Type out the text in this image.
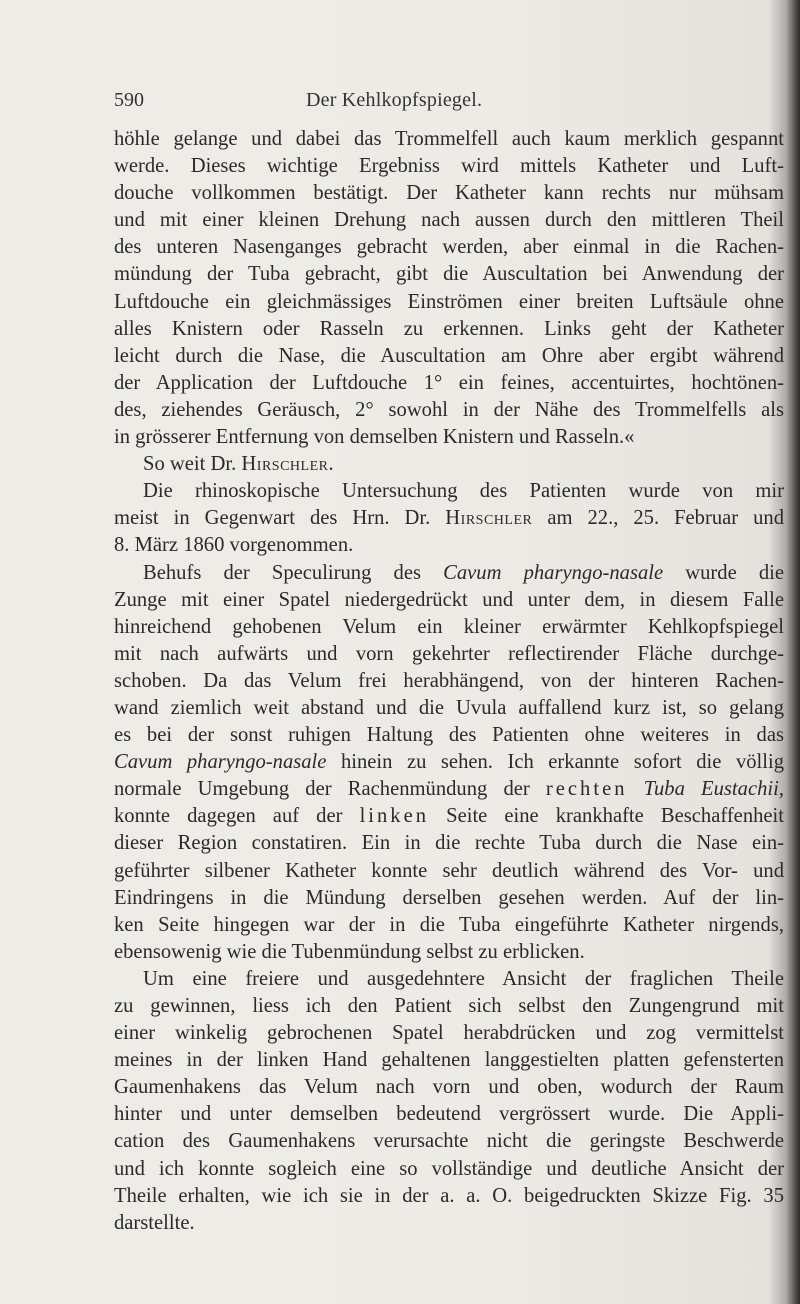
590	Der Kehlkopfspiegel.
höhle gelange und dabei das Trommelfell auch kaum merklich gespannt
werde. Dieses wichtige Ergebniss wird mittels Katheter und Luft-
douche vollkommen bestätigt. Der Katheter kann rechts nur mühsam
und mit einer kleinen Drehung nach aussen durch den mittleren Theil
des unteren Nasenganges gebracht werden, aber einmal in die Rachen-
mündung der Tuba gebracht, gibt die Auscultation bei Anwendung der
Luftdouche ein gleichmässiges Einströmen einer breiten Luftsäule ohne
alles Knistern oder Rasseln zu erkennen. Links geht der Katheter
leicht durch die Nase, die Auscultation am Ohre aber ergibt während
der Application der Luftdouche 1° ein feines, accentuirtes, hochtönen-
des, ziehendes Geräusch, 2° sowohl in der Nähe des Trommelfells als
in grösserer Entfernung von demselben Knistern und Rasseln.«
So weit Dr. Hirschler.
Die rhinoskopische Untersuchung des Patienten wurde von mir
meist in Gegenwart des Hrn. Dr. Hirschler am 22., 25. Februar und
8. März 1860 vorgenommen.
Behufs der Speculirung des Cavum pharyngo-nasale wurde die
Zunge mit einer Spatel niedergedrückt und unter dem, in diesem Falle
hinreichend gehobenen Velum ein kleiner erwärmter Kehlkopfspiegel
mit nach aufwärts und vorn gekehrter reflectirender Fläche durchge-
schoben. Da das Velum frei herabhängend, von der hinteren Rachen-
wand ziemlich weit abstand und die Uvula auffallend kurz ist, so gelang
es bei der sonst ruhigen Haltung des Patienten ohne weiteres in das
Cavum pharyngo-nasale hinein zu sehen. Ich erkannte sofort die völlig
normale Umgebung der Rachenmündung der rechten Tuba Eustachii,
konnte dagegen auf der linken Seite eine krankhafte Beschaffenheit
dieser Region constatiren. Ein in die rechte Tuba durch die Nase ein-
geführter silbener Katheter konnte sehr deutlich während des Vor- und
Eindringens in die Mündung derselben gesehen werden. Auf der lin-
ken Seite hingegen war der in die Tuba eingeführte Katheter nirgends,
ebensowenig wie die Tubenmündung selbst zu erblicken.
Um eine freiere und ausgedehntere Ansicht der fraglichen Theile
zu gewinnen, liess ich den Patient sich selbst den Zungengrund mit
einer winkelig gebrochenen Spatel herabdrücken und zog vermittelst
meines in der linken Hand gehaltenen langgestielten platten gefensterten
Gaumenhakens das Velum nach vorn und oben, wodurch der Raum
hinter und unter demselben bedeutend vergrössert wurde. Die Appli-
cation des Gaumenhakens verursachte nicht die geringste Beschwerde
und ich konnte sogleich eine so vollständige und deutliche Ansicht der
Theile erhalten, wie ich sie in der a. a. O. beigedruckten Skizze Fig. 35
darstellte.
